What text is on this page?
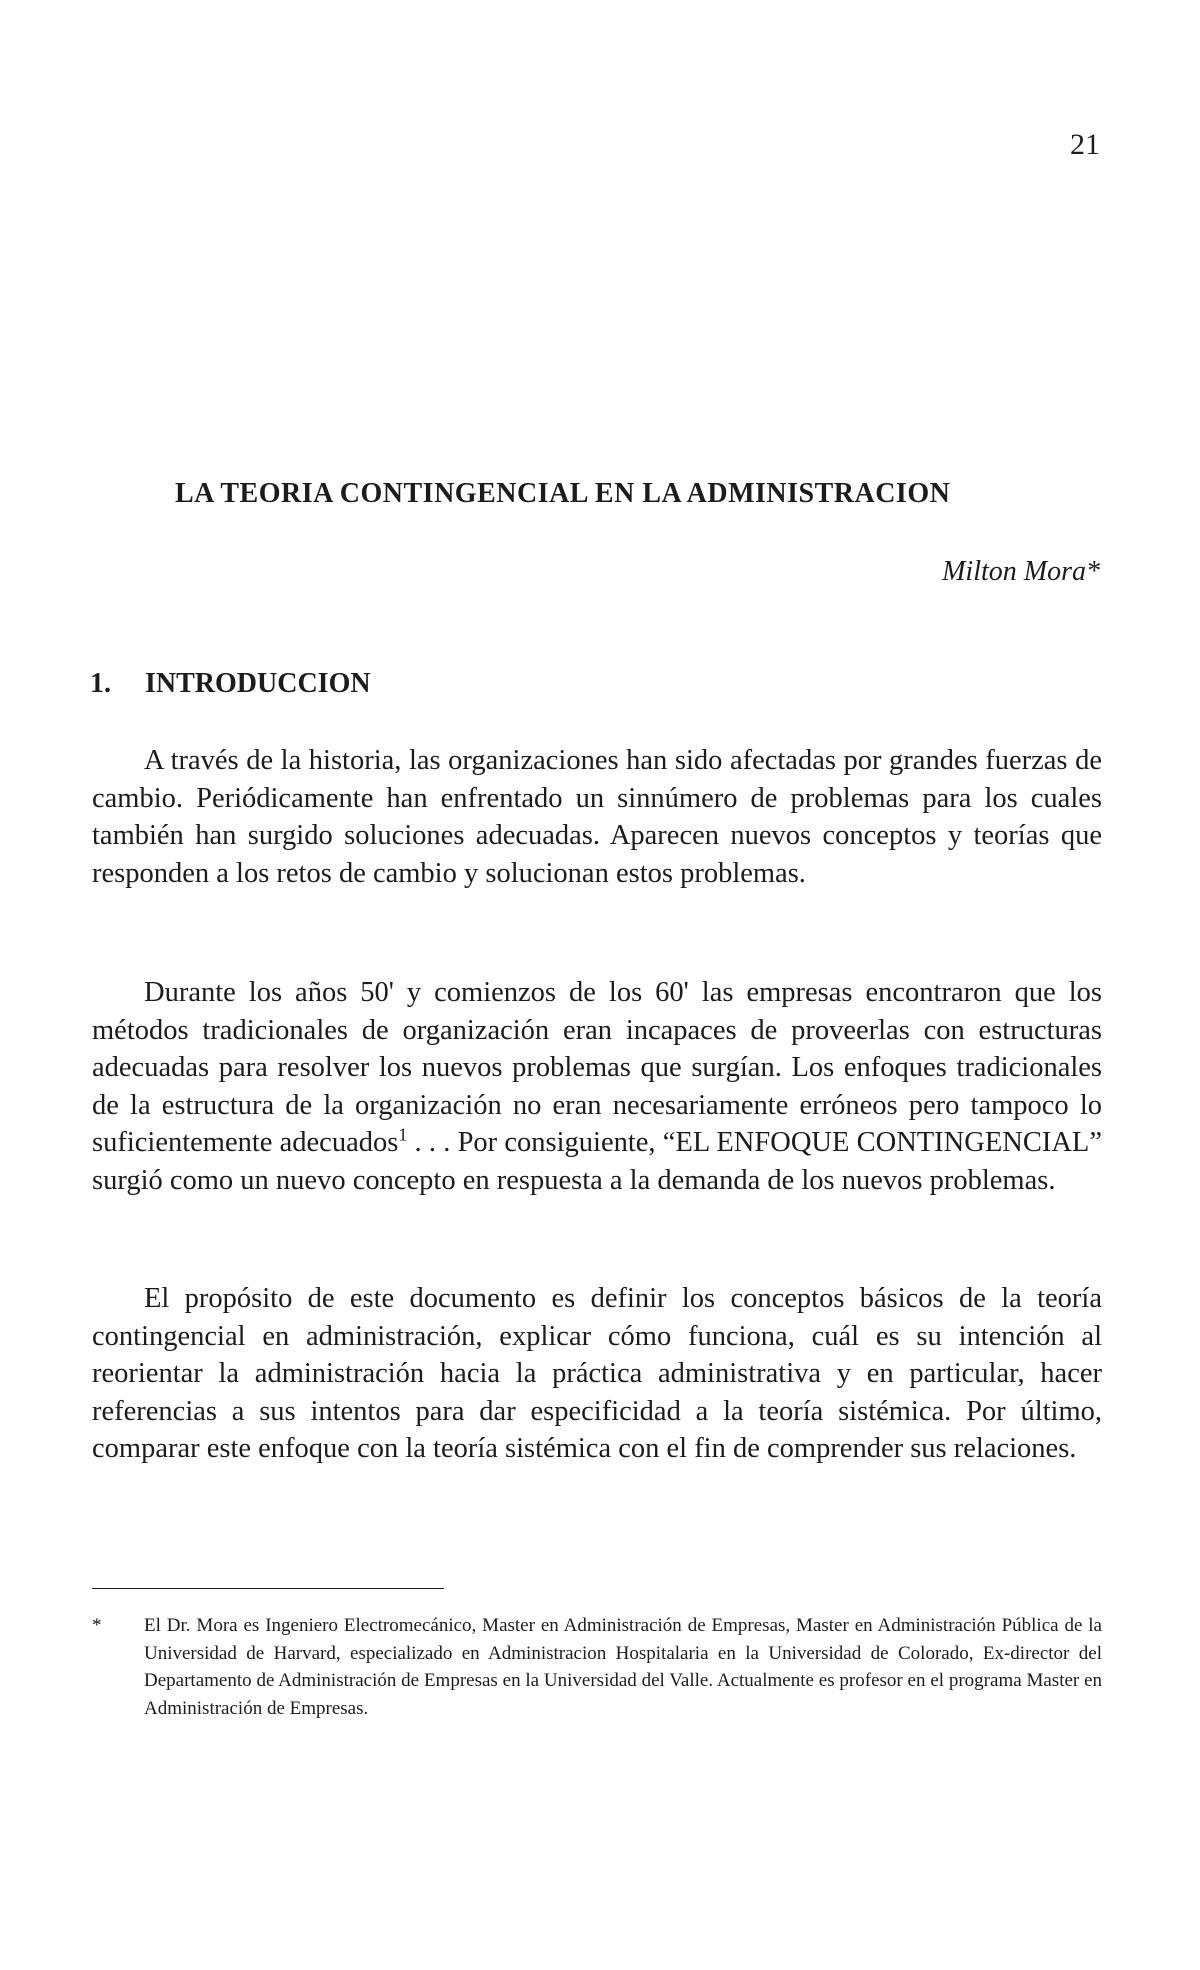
21
LA TEORIA CONTINGENCIAL EN LA ADMINISTRACION
Milton Mora*
1. INTRODUCCION

A través de la historia, las organizaciones han sido afectadas por grandes fuerzas de cambio. Periódicamente han enfrentado un sinnúmero de problemas para los cuales también han surgido soluciones adecuadas. Aparecen nuevos conceptos y teorías que responden a los retos de cambio y solucionan estos problemas.

Durante los años 50' y comienzos de los 60' las empresas encontraron que los métodos tradicionales de organización eran incapaces de proveerlas con estructuras adecuadas para resolver los nuevos problemas que surgían. Los enfoques tradicionales de la estructura de la organización no eran necesariamente erróneos pero tampoco lo suficientemente adecuados$^1$ . . . Por consiguiente, “EL ENFOQUE CONTINGENCIAL” surgió como un nuevo concepto en respuesta a la demanda de los nuevos problemas.

El propósito de este documento es definir los conceptos básicos de la teoría contingencial en administración, explicar cómo funciona, cuál es su intención al reorientar la administración hacia la práctica administrativa y en particular, hacer referencias a sus intentos para dar especificidad a la teoría sistémica. Por último, comparar este enfoque con la teoría sistémica con el fin de comprender sus relaciones.

*	El Dr. Mora es Ingeniero Electromecánico, Master en Administración de Empresas, Master en Administración Pública de la Universidad de Harvard, especializado en Administracion Hospitalaria en la Universidad de Colorado, Ex-director del Departamento de Administración de Empresas en la Universidad del Valle. Actualmente es profesor en el programa Master en Administración de Empresas.
